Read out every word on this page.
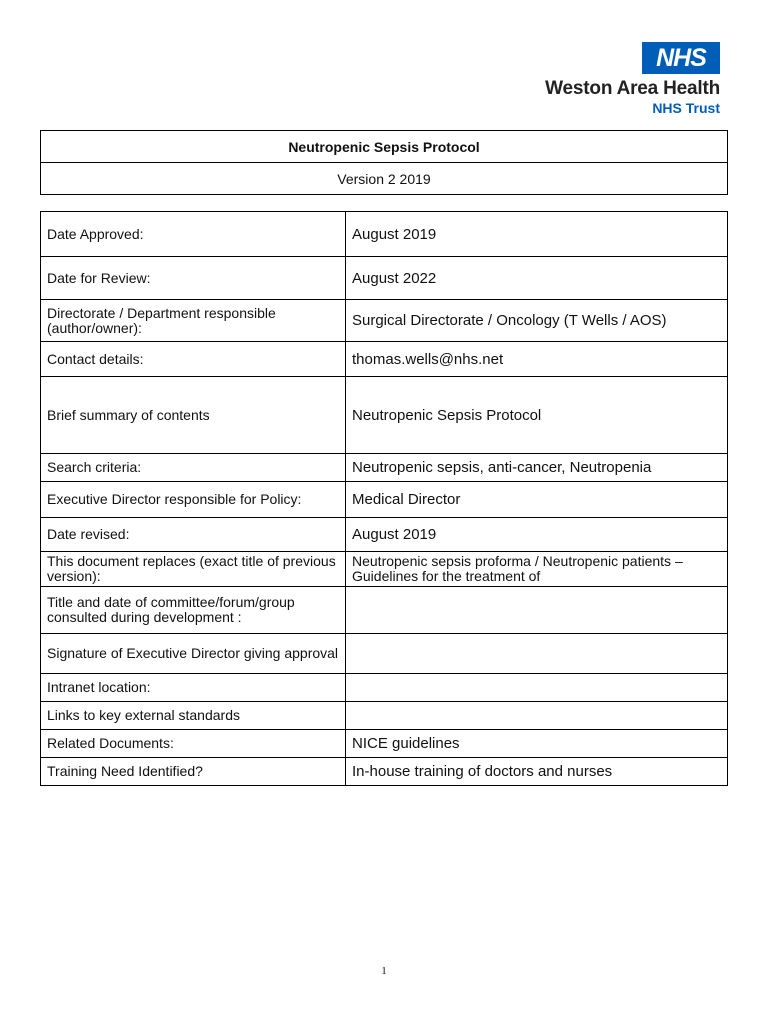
NHS
Weston Area Health
NHS Trust
Neutropenic Sepsis Protocol
Version 2 2019
Date Approved:	August 2019
Date for Review:	August 2022
Directorate / Department responsible (author/owner):	Surgical Directorate / Oncology (T Wells / AOS)
Contact details:	thomas.wells@nhs.net
Brief summary of contents	Neutropenic Sepsis Protocol
Search criteria:	Neutropenic sepsis, anti-cancer, Neutropenia
Executive Director responsible for Policy:	Medical Director
Date revised:	August 2019
This document replaces (exact title of previous version):	Neutropenic sepsis proforma / Neutropenic patients – Guidelines for the treatment of
Title and date of committee/forum/group consulted during development :	
Signature of Executive Director giving approval	
Intranet location:	
Links to key external standards	
Related Documents:	NICE guidelines
Training Need Identified?	In-house training of doctors and nurses
1
